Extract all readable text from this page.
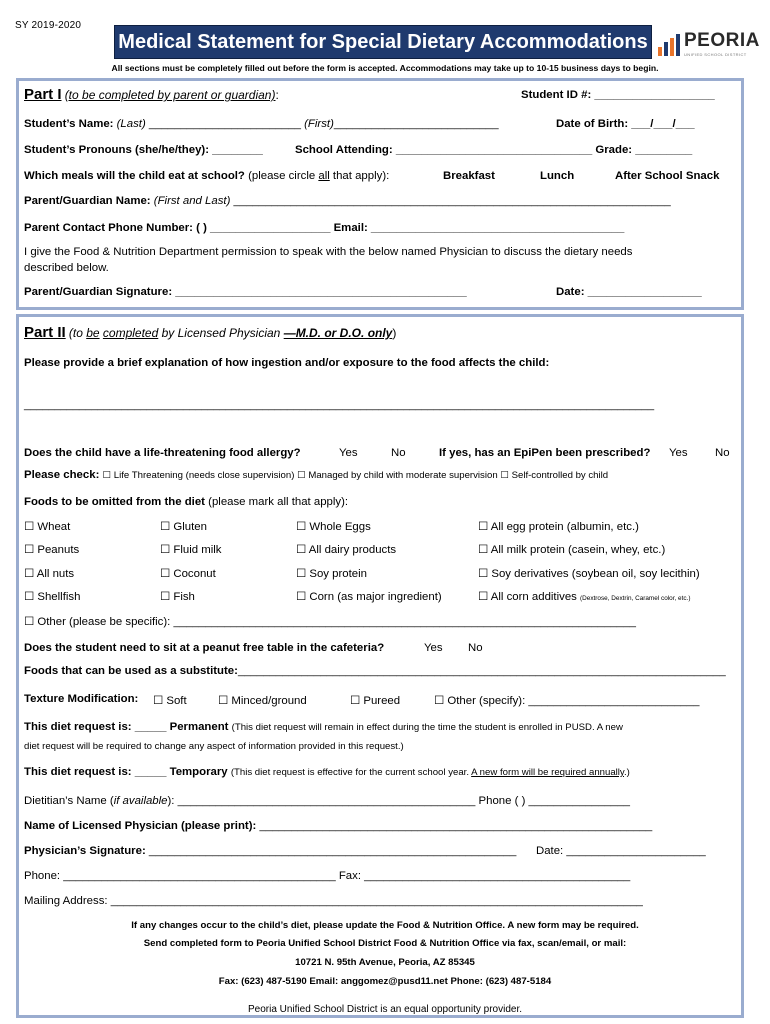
SY 2019-2020
Medical Statement for Special Dietary Accommodations PEORIA
UNIFIED SCHOOL DISTRICT
All sections must be completely filled out before the form is accepted. Accommodations may take up to 10-15 business days to begin.
Part I (to be completed by parent or guardian):	Student ID #: ___________________
Student’s Name: (Last) ________________________ (First)__________________________	Date of Birth: ___/___/___
Student’s Pronouns (she/he/they): ________	School Attending: _______________________________ Grade: _________
Which meals will the child eat at school? (please circle all that apply):	Breakfast	Lunch	After School Snack
Parent/Guardian Name: (First and Last) _____________________________________________________________________
Parent Contact Phone Number: ( ) ___________________ Email: ________________________________________
I give the Food & Nutrition Department permission to speak with the below named Physician to discuss the dietary needs
described below.
Parent/Guardian Signature: ______________________________________________	Date: __________________
Part II (to be completed by Licensed Physician —M.D. or D.O. only)
Please provide a brief explanation of how ingestion and/or exposure to the food affects the child:
_______________________________________________________________________________________________________
Does the child have a life-threatening food allergy?	Yes	No	If yes, has an EpiPen been prescribed? Yes No
Please check: ☐ Life Threatening (needs close supervision) ☐ Managed by child with moderate supervision ☐ Self-controlled by child
Foods to be omitted from the diet (please mark all that apply):
☐ Wheat	☐ Gluten	☐ Whole Eggs	☐ All egg protein (albumin, etc.)
☐ Peanuts	☐ Fluid milk	☐ All dairy products	☐ All milk protein (casein, whey, etc.)
☐ All nuts	☐ Coconut	☐ Soy protein	☐ Soy derivatives (soybean oil, soy lecithin)
☐ Shellfish	☐ Fish	☐ Corn (as major ingredient)	☐ All corn additives (Dextrose, Dextrin, Caramel color, etc.)
☐ Other (please be specific): _________________________________________________________________________
Does the student need to sit at a peanut free table in the cafeteria?	Yes No
Foods that can be used as a substitute:_____________________________________________________________________________
Texture Modification: ☐ Soft	☐ Minced/ground	☐ Pureed	☐ Other (specify): ___________________________
This diet request is: _____ Permanent (This diet request will remain in effect during the time the student is enrolled in PUSD. A new
diet request will be required to change any aspect of information provided in this request.)
This diet request is: _____ Temporary (This diet request is effective for the current school year. A new form will be required annually.)
Dietitian’s Name (if available): _______________________________________________ Phone ( ) ________________
Name of Licensed Physician (please print): ______________________________________________________________
Physician’s Signature: __________________________________________________________ Date: ______________________
Phone: ___________________________________________ Fax: __________________________________________
Mailing Address: ____________________________________________________________________________________
If any changes occur to the child’s diet, please update the Food & Nutrition Office. A new form may be required.
Send completed form to Peoria Unified School District Food & Nutrition Office via fax, scan/email, or mail:
10721 N. 95th Avenue, Peoria, AZ 85345
Fax: (623) 487-5190 Email: anggomez@pusd11.net Phone: (623) 487-5184
Peoria Unified School District is an equal opportunity provider.
